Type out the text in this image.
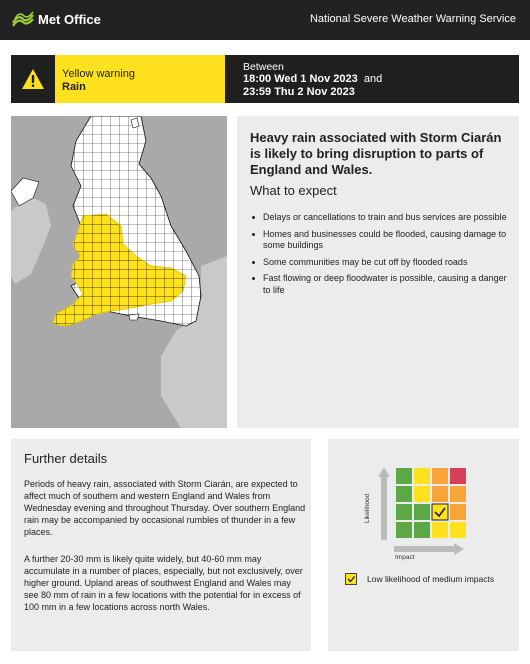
Met Office	National Severe Weather Warning Service
Yellow warning
Rain
Between
18:00 Wed 1 Nov 2023 and
23:59 Thu 2 Nov 2023
Heavy rain associated with Storm Ciarán is likely to bring disruption to parts of England and Wales.
What to expect
Delays or cancellations to train and bus services are possible
Homes and businesses could be flooded, causing damage to some buildings
Some communities may be cut off by flooded roads
Fast flowing or deep floodwater is possible, causing a danger to life
Further details
Periods of heavy rain, associated with Storm Ciarán, are expected to affect much of southern and western England and Wales from Wednesday evening and throughout Thursday. Over southern England rain may be accompanied by occasional rumbles of thunder in a few places.
A further 20-30 mm is likely quite widely, but 40-60 mm may accumulate in a number of places, especially, but not exclusively, over higher ground. Upland areas of southwest England and Wales may see 80 mm of rain in a few locations with the potential for in excess of 100 mm in a few locations across north Wales.
Likelihood
Impact
Low likelihood of medium impacts
